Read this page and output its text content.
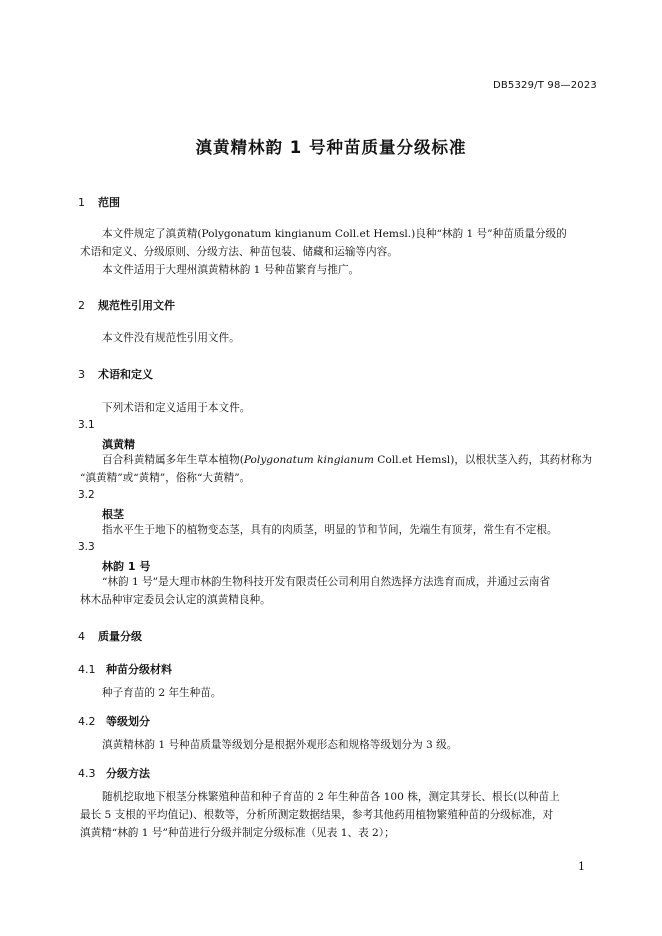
DB5329/T 98—2023
滇黄精林韵 1 号种苗质量分级标准
1 范围
本文件规定了滇黄精(Polygonatum kingianum Coll.et Hemsl.)良种“林韵 1 号”种苗质量分级的
术语和定义、分级原则、分级方法、种苗包装、储藏和运输等内容。
本文件适用于大理州滇黄精林韵 1 号种苗繁育与推广。
2 规范性引用文件
本文件没有规范性引用文件。
3 术语和定义
下列术语和定义适用于本文件。
3.1
滇黄精
百合科黄精属多年生草本植物(Polygonatum kingianum Coll.et Hemsl)，以根状茎入药，其药材称为
“滇黄精”或“黄精”，俗称“大黄精”。
3.2
根茎
指水平生于地下的植物变态茎，具有的肉质茎，明显的节和节间，先端生有顶芽，常生有不定根。
3.3
林韵 1 号
“林韵 1 号”是大理市林韵生物科技开发有限责任公司利用自然选择方法选育而成，并通过云南省
林木品种审定委员会认定的滇黄精良种。
4 质量分级
4.1 种苗分级材料
种子育苗的 2 年生种苗。
4.2 等级划分
滇黄精林韵 1 号种苗质量等级划分是根据外观形态和规格等级划分为 3 级。
4.3 分级方法
随机挖取地下根茎分株繁殖种苗和种子育苗的 2 年生种苗各 100 株，测定其芽长、根长(以种苗上
最长 5 支根的平均值记)、根数等，分析所测定数据结果，参考其他药用植物繁殖种苗的分级标准，对
滇黄精“林韵 1 号”种苗进行分级并制定分级标准（见表 1、表 2）；
1
